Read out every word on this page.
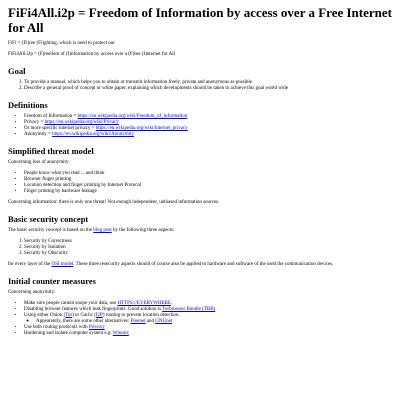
FiFi4All.i2p = Freedom of Information by access over a Free Internet for All

FiFi = (Fi)ree (Fi)ghting, which is need to protect our

FiFi4All.i2p = (F)reedom of (I)nformation by access over a (F)ree (I)nternet for All

Goal
1. To provide a manual, which helps you to obtain or transmit information freely, private and anonymous as possible
2. Describe a general proof of concept or white paper, explaining which developments should be taken to achieve this goal world wide
Definitions
• Freedom of Information = https://en.wikipedia.org/wiki/Freedom_of_information
• Privacy = https://en.wikipedia.org/wiki/Privacy
• Or more specific internet privacy = https://en.wikipedia.org/wiki/Internet_privacy
• Anonymity = https://en.wikipedia.org/wiki/Anonymity
Simplified threat model

Concerning loss of anonymity:

• People know what you read ... and think
• Browser finger printing
• Location detection and finger printing by Internet Protocol
• Finger printing by hardware leakage

Concerning information: there is only one threat! Not enough independent, unbiased information sources.

Basic security concept

The basic security concept is based on the blog post by the following three aspects:

1. Security by Correctness
2. Security by Isolation
3. Security by Obscurity

for every layer of the OSI model. These three resecurity aspects should of course also be applied to hardware and software of the used the communication devices.

Initial counter measures

Concerning anonymity:

• Make sure people cannot snope your data, use HTTPS://EVERYWHERE.
• Disabling browser features which leak fingerprints. Good solution is Torbrowser Bundle (TBB).
• Using either Onion (Tor) or Garlic (I2P) routing to prevent location detection.
◦ Appearently, there are some other alternatives: Freenet and GNUnet
• Use both routing protocols with Privoxy
• Hardening and isolate computer system e.g. Whonix
